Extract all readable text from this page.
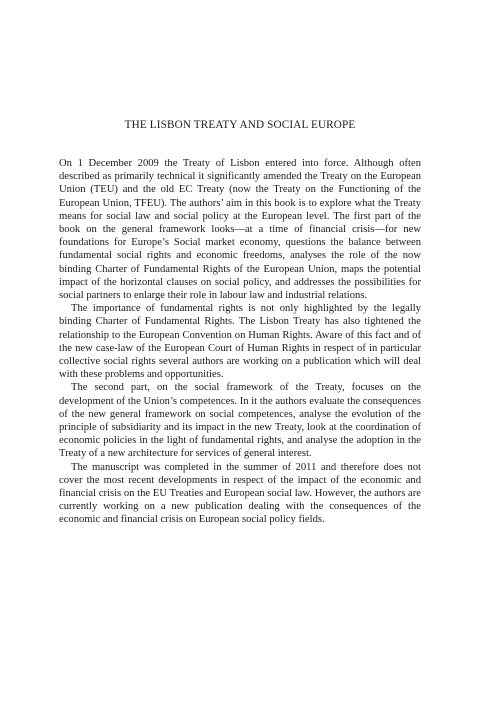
THE LISBON TREATY AND SOCIAL EUROPE

On 1 December 2009 the Treaty of Lisbon entered into force. Although often described as primarily technical it significantly amended the Treaty on the European Union (TEU) and the old EC Treaty (now the Treaty on the Functioning of the European Union, TFEU). The authors’ aim in this book is to explore what the Treaty means for social law and social policy at the European level. The first part of the book on the general framework looks—at a time of financial crisis—for new foundations for Europe’s Social market economy, questions the balance between fundamental social rights and economic freedoms, analyses the role of the now binding Charter of Fundamental Rights of the European Union, maps the potential impact of the horizontal clauses on social policy, and addresses the possibilities for social partners to enlarge their role in labour law and industrial relations.

The importance of fundamental rights is not only highlighted by the legally binding Charter of Fundamental Rights. The Lisbon Treaty has also tightened the relationship to the European Convention on Human Rights. Aware of this fact and of the new case-law of the European Court of Human Rights in respect of in particular collective social rights several authors are working on a publication which will deal with these problems and opportunities.

The second part, on the social framework of the Treaty, focuses on the development of the Union’s competences. In it the authors evaluate the consequences of the new general framework on social competences, analyse the evolution of the principle of subsidiarity and its impact in the new Treaty, look at the coordination of economic policies in the light of fundamental rights, and analyse the adoption in the Treaty of a new architecture for services of general interest.

The manuscript was completed in the summer of 2011 and therefore does not cover the most recent developments in respect of the impact of the economic and financial crisis on the EU Treaties and European social law. However, the authors are currently working on a new publication dealing with the consequences of the economic and financial crisis on European social policy fields.
